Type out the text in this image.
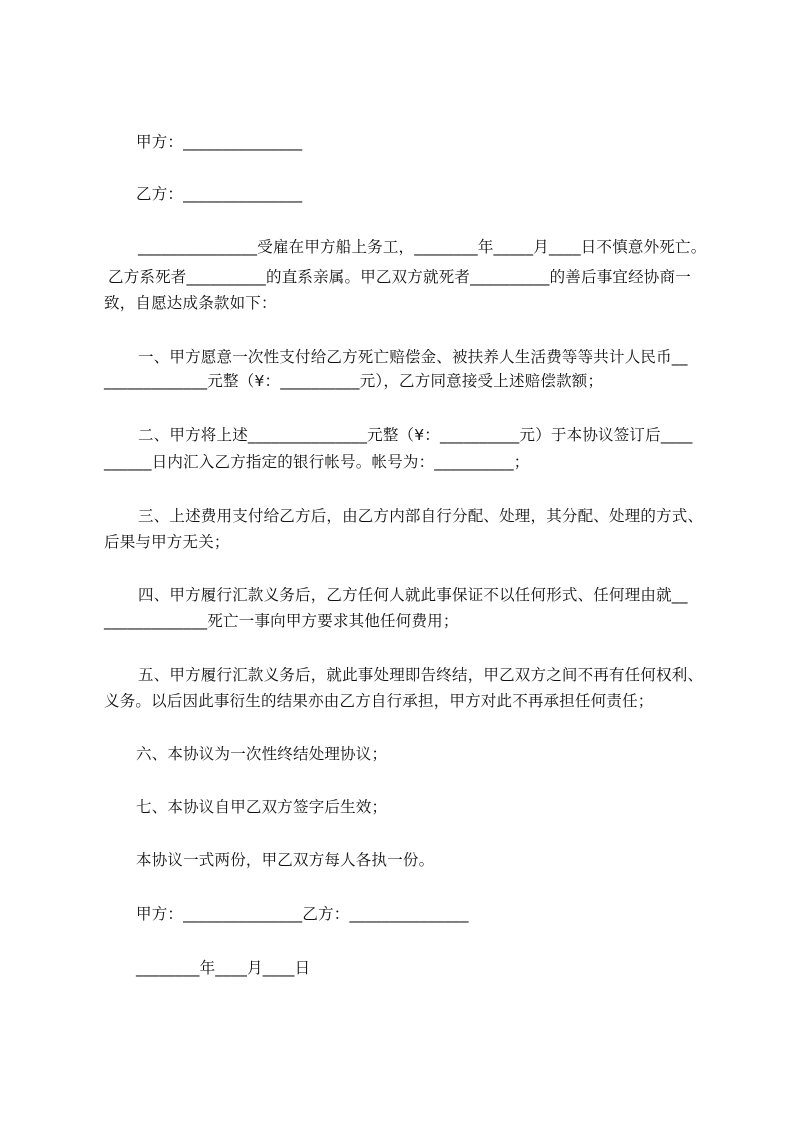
甲方：_______________
乙方：_______________
_______________受雇在甲方船上务工，________年_____月____日不慎意外死亡。
乙方系死者__________的直系亲属。甲乙双方就死者__________的善后事宜经协商一
致，自愿达成条款如下：
一、甲方愿意一次性支付给乙方死亡赔偿金、被扶养人生活费等等共计人民币__
_____________元整（¥：__________元），乙方同意接受上述赔偿款额；
二、甲方将上述_______________元整（¥：__________元）于本协议签订后____
______日内汇入乙方指定的银行帐号。帐号为：__________；
三、上述费用支付给乙方后，由乙方内部自行分配、处理，其分配、处理的方式、
后果与甲方无关；
四、甲方履行汇款义务后，乙方任何人就此事保证不以任何形式、任何理由就__
_____________死亡一事向甲方要求其他任何费用；
五、甲方履行汇款义务后，就此事处理即告终结，甲乙双方之间不再有任何权利、
义务。以后因此事衍生的结果亦由乙方自行承担，甲方对此不再承担任何责任；
六、本协议为一次性终结处理协议；
七、本协议自甲乙双方签字后生效；
本协议一式两份，甲乙双方每人各执一份。
甲方：_______________乙方：_______________
________年____月____日
